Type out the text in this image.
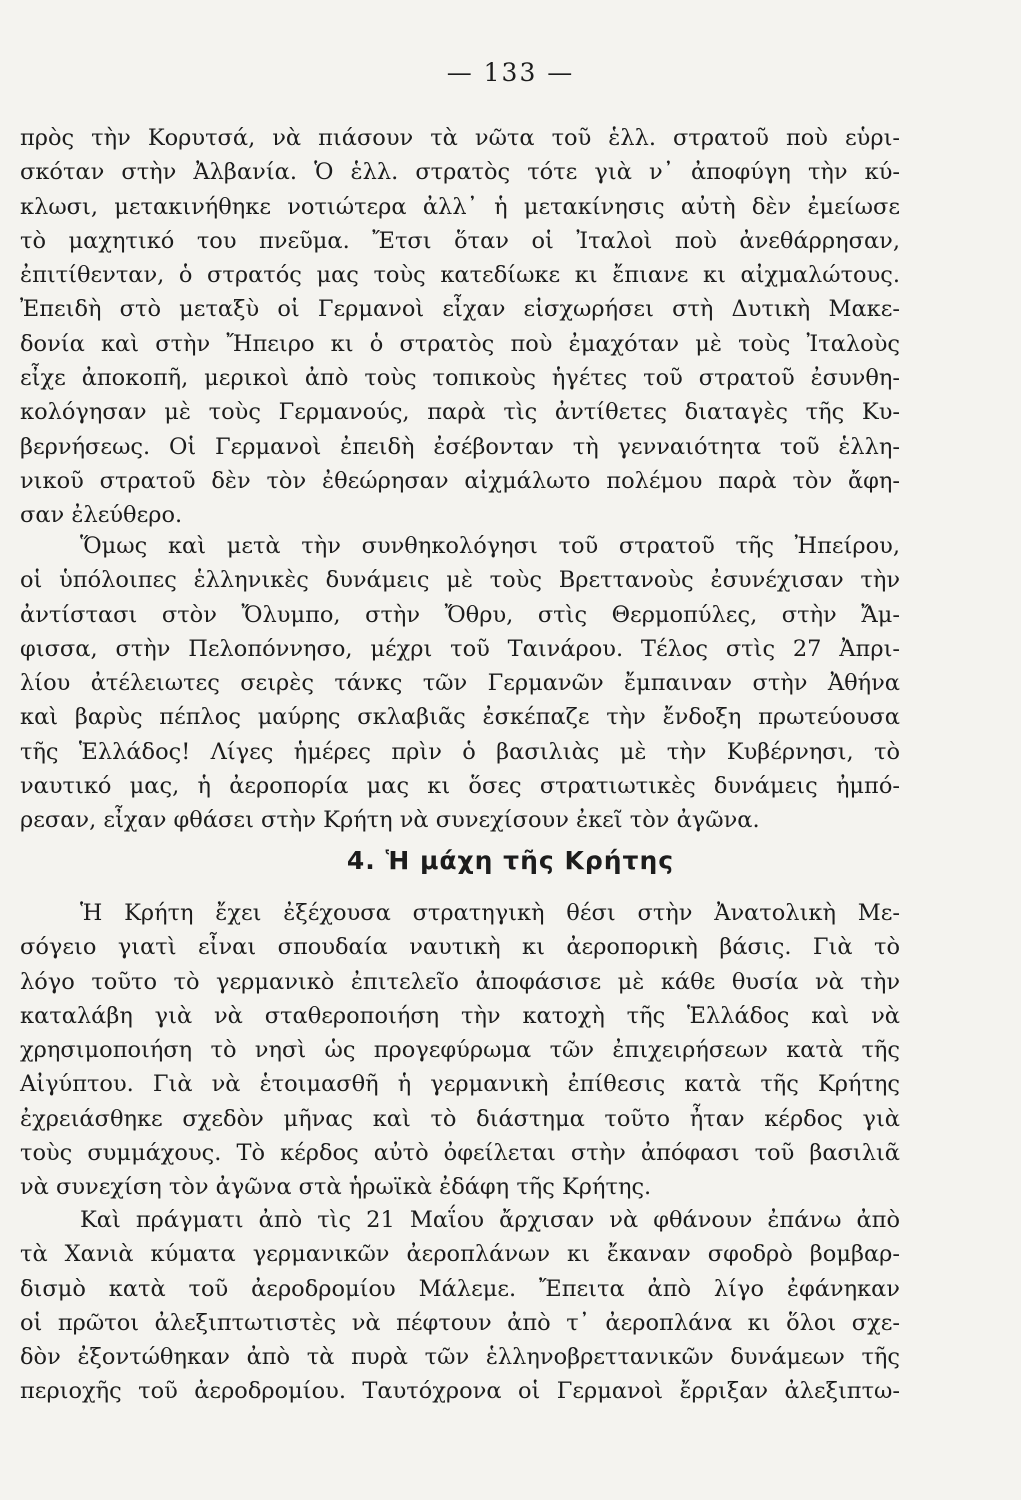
— 133 —
πρὸς τὴν Κορυτσά, νὰ πιάσουν τὰ νῶτα τοῦ ἑλλ. στρατοῦ ποὺ εὑρι-
σκόταν στὴν Ἀλβανία. Ὁ ἑλλ. στρατὸς τότε γιὰ ν᾽ ἀποφύγη τὴν κύ-
κλωσι, μετακινήθηκε νοτιώτερα ἀλλ᾽ ἡ μετακίνησις αὐτὴ δὲν ἐμείωσε
τὸ μαχητικό του πνεῦμα. Ἔτσι ὅταν οἱ Ἰταλοὶ ποὺ ἀνεθάρρησαν,
ἐπιτίθενταν, ὁ στρατός μας τοὺς κατεδίωκε κι ἔπιανε κι αἰχμαλώτους.
Ἐπειδὴ στὸ μεταξὺ οἱ Γερμανοὶ εἶχαν εἰσχωρήσει στὴ Δυτικὴ Μακε-
δονία καὶ στὴν Ἤπειρο κι ὁ στρατὸς ποὺ ἐμαχόταν μὲ τοὺς Ἰταλοὺς
εἶχε ἀποκοπῆ, μερικοὶ ἀπὸ τοὺς τοπικοὺς ἡγέτες τοῦ στρατοῦ ἐσυνθη-
κολόγησαν μὲ τοὺς Γερμανούς, παρὰ τὶς ἀντίθετες διαταγὲς τῆς Κυ-
βερνήσεως. Οἱ Γερμανοὶ ἐπειδὴ ἐσέβονταν τὴ γενναιότητα τοῦ ἑλλη-
νικοῦ στρατοῦ δὲν τὸν ἐθεώρησαν αἰχμάλωτο πολέμου παρὰ τὸν ἄφη-
σαν ἐλεύθερο.
Ὅμως καὶ μετὰ τὴν συνθηκολόγησι τοῦ στρατοῦ τῆς Ἠπείρου,
οἱ ὑπόλοιπες ἑλληνικὲς δυνάμεις μὲ τοὺς Βρεττανοὺς ἐσυνέχισαν τὴν
ἀντίστασι στὸν Ὄλυμπο, στὴν Ὄθρυ, στὶς Θερμοπύλες, στὴν Ἄμ-
φισσα, στὴν Πελοπόννησο, μέχρι τοῦ Ταινάρου. Τέλος στὶς 27 Ἀπρι-
λίου ἀτέλειωτες σειρὲς τάνκς τῶν Γερμανῶν ἔμπαιναν στὴν Ἀθήνα
καὶ βαρὺς πέπλος μαύρης σκλαβιᾶς ἐσκέπαζε τὴν ἔνδοξη πρωτεύουσα
τῆς Ἑλλάδος! Λίγες ἡμέρες πρὶν ὁ βασιλιὰς μὲ τὴν Κυβέρνησι, τὸ
ναυτικό μας, ἡ ἀεροπορία μας κι ὅσες στρατιωτικὲς δυνάμεις ἠμπό-
ρεσαν, εἶχαν φθάσει στὴν Κρήτη νὰ συνεχίσουν ἐκεῖ τὸν ἀγῶνα.
4. Ἡ μάχη τῆς Κρήτης
Ἡ Κρήτη ἔχει ἐξέχουσα στρατηγικὴ θέσι στὴν Ἀνατολικὴ Με-
σόγειο γιατὶ εἶναι σπουδαία ναυτικὴ κι ἀεροπορικὴ βάσις. Γιὰ τὸ
λόγο τοῦτο τὸ γερμανικὸ ἐπιτελεῖο ἀποφάσισε μὲ κάθε θυσία νὰ τὴν
καταλάβη γιὰ νὰ σταθεροποιήση τὴν κατοχὴ τῆς Ἑλλάδος καὶ νὰ
χρησιμοποιήση τὸ νησὶ ὡς προγεφύρωμα τῶν ἐπιχειρήσεων κατὰ τῆς
Αἰγύπτου. Γιὰ νὰ ἑτοιμασθῆ ἡ γερμανικὴ ἐπίθεσις κατὰ τῆς Κρήτης
ἐχρειάσθηκε σχεδὸν μῆνας καὶ τὸ διάστημα τοῦτο ἦταν κέρδος γιὰ
τοὺς συμμάχους. Τὸ κέρδος αὐτὸ ὀφείλεται στὴν ἀπόφασι τοῦ βασιλιᾶ
νὰ συνεχίση τὸν ἀγῶνα στὰ ἡρωϊκὰ ἐδάφη τῆς Κρήτης.
Καὶ πράγματι ἀπὸ τὶς 21 Μαΐου ἄρχισαν νὰ φθάνουν ἐπάνω ἀπὸ
τὰ Χανιὰ κύματα γερμανικῶν ἀεροπλάνων κι ἔκαναν σφοδρὸ βομβαρ-
δισμὸ κατὰ τοῦ ἀεροδρομίου Μάλεμε. Ἔπειτα ἀπὸ λίγο ἐφάνηκαν
οἱ πρῶτοι ἀλεξιπτωτιστὲς νὰ πέφτουν ἀπὸ τ᾽ ἀεροπλάνα κι ὅλοι σχε-
δὸν ἐξοντώθηκαν ἀπὸ τὰ πυρὰ τῶν ἑλληνοβρεττανικῶν δυνάμεων τῆς
περιοχῆς τοῦ ἀεροδρομίου. Ταυτόχρονα οἱ Γερμανοὶ ἔρριξαν ἀλεξιπτω-
